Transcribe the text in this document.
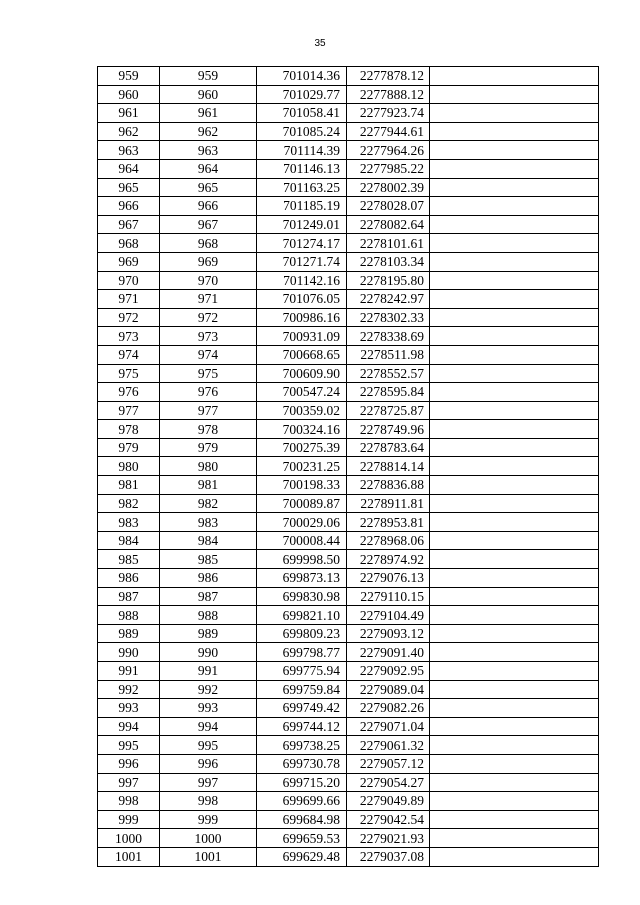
35
959	959	701014.36	2277878.12	
960	960	701029.77	2277888.12	
961	961	701058.41	2277923.74	
962	962	701085.24	2277944.61	
963	963	701114.39	2277964.26	
964	964	701146.13	2277985.22	
965	965	701163.25	2278002.39	
966	966	701185.19	2278028.07	
967	967	701249.01	2278082.64	
968	968	701274.17	2278101.61	
969	969	701271.74	2278103.34	
970	970	701142.16	2278195.80	
971	971	701076.05	2278242.97	
972	972	700986.16	2278302.33	
973	973	700931.09	2278338.69	
974	974	700668.65	2278511.98	
975	975	700609.90	2278552.57	
976	976	700547.24	2278595.84	
977	977	700359.02	2278725.87	
978	978	700324.16	2278749.96	
979	979	700275.39	2278783.64	
980	980	700231.25	2278814.14	
981	981	700198.33	2278836.88	
982	982	700089.87	2278911.81	
983	983	700029.06	2278953.81	
984	984	700008.44	2278968.06	
985	985	699998.50	2278974.92	
986	986	699873.13	2279076.13	
987	987	699830.98	2279110.15	
988	988	699821.10	2279104.49	
989	989	699809.23	2279093.12	
990	990	699798.77	2279091.40	
991	991	699775.94	2279092.95	
992	992	699759.84	2279089.04	
993	993	699749.42	2279082.26	
994	994	699744.12	2279071.04	
995	995	699738.25	2279061.32	
996	996	699730.78	2279057.12	
997	997	699715.20	2279054.27	
998	998	699699.66	2279049.89	
999	999	699684.98	2279042.54	
1000	1000	699659.53	2279021.93	
1001	1001	699629.48	2279037.08	
